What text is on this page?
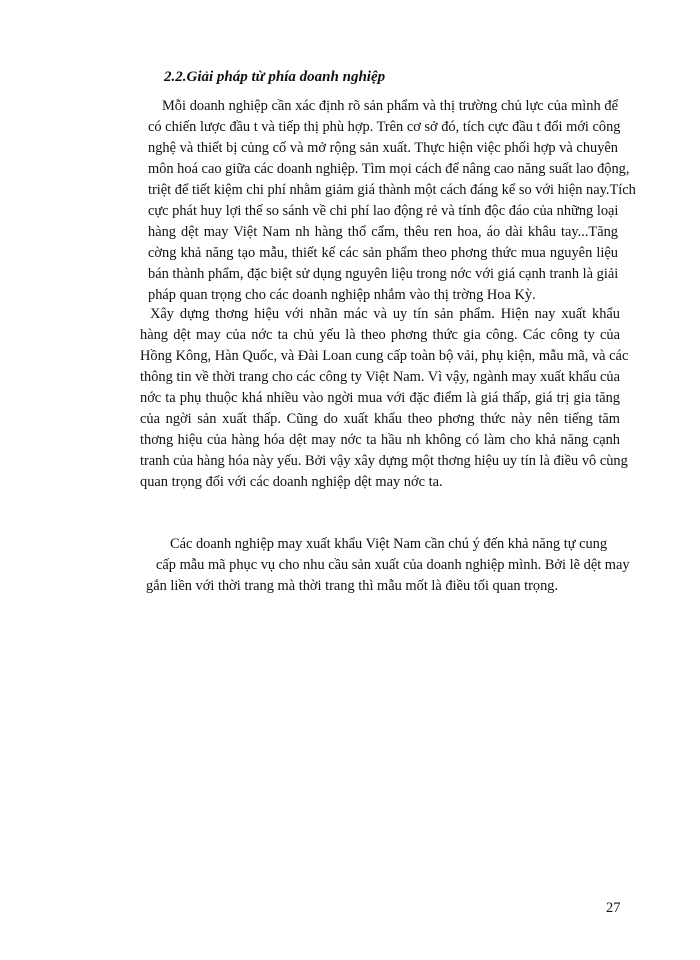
2.2.Giải pháp từ phía doanh nghiệp

Mỗi doanh nghiệp cần xác định rõ sản phẩm và thị trường chủ lực của mình để
có chiến lược đầu t và tiếp thị phù hợp. Trên cơ sở đó, tích cực đầu t đổi mới công
nghệ và thiết bị củng cố và mở rộng sản xuất. Thực hiện việc phối hợp và chuyên
môn hoá cao giữa các doanh nghiệp. Tìm mọi cách để nâng cao năng suất lao động,
triệt để tiết kiệm chi phí nhằm giảm giá thành một cách đáng kể so với hiện nay.Tích
cực phát huy lợi thế so sánh về chi phí lao động rẻ và tính độc đáo của những loại
hàng dệt may Việt Nam nh hàng thổ cẩm, thêu ren hoa, áo dài khâu tay...Tăng
cờng khả năng tạo mẫu, thiết kế các sản phẩm theo phơng thức mua nguyên liệu
bán thành phẩm, đặc biệt sử dụng nguyên liệu trong nớc với giá cạnh tranh là giải
pháp quan trọng cho các doanh nghiệp nhắm vào thị trờng Hoa Kỳ.
Xây dựng thơng hiệu với nhãn mác và uy tín sản phẩm. Hiện nay xuất khẩu
hàng dệt may của nớc ta chủ yếu là theo phơng thức gia công. Các công ty của
Hồng Kông, Hàn Quốc, và Đài Loan cung cấp toàn bộ vải, phụ kiện, mẫu mã, và các
thông tin về thời trang cho các công ty Việt Nam. Vì vậy, ngành may xuất khẩu của
nớc ta phụ thuộc khá nhiều vào ngời mua với đặc điểm là giá thấp, giá trị gia tăng
của ngời sản xuất thấp. Cũng do xuất khẩu theo phơng thức này nên tiếng tăm
thơng hiệu của hàng hóa dệt may nớc ta hầu nh không có làm cho khả năng cạnh
tranh của hàng hóa này yếu. Bởi vậy xây dựng một thơng hiệu uy tín là điều vô cùng
quan trọng đối với các doanh nghiệp dệt may nớc ta.
Các doanh nghiệp may xuất khẩu Việt Nam cần chú ý đến khả năng tự cung
cấp mẫu mã phục vụ cho nhu cầu sản xuất của doanh nghiệp mình. Bởi lẽ dệt may
gắn liền với thời trang mà thời trang thì mẫu mốt là điều tối quan trọng.

27
